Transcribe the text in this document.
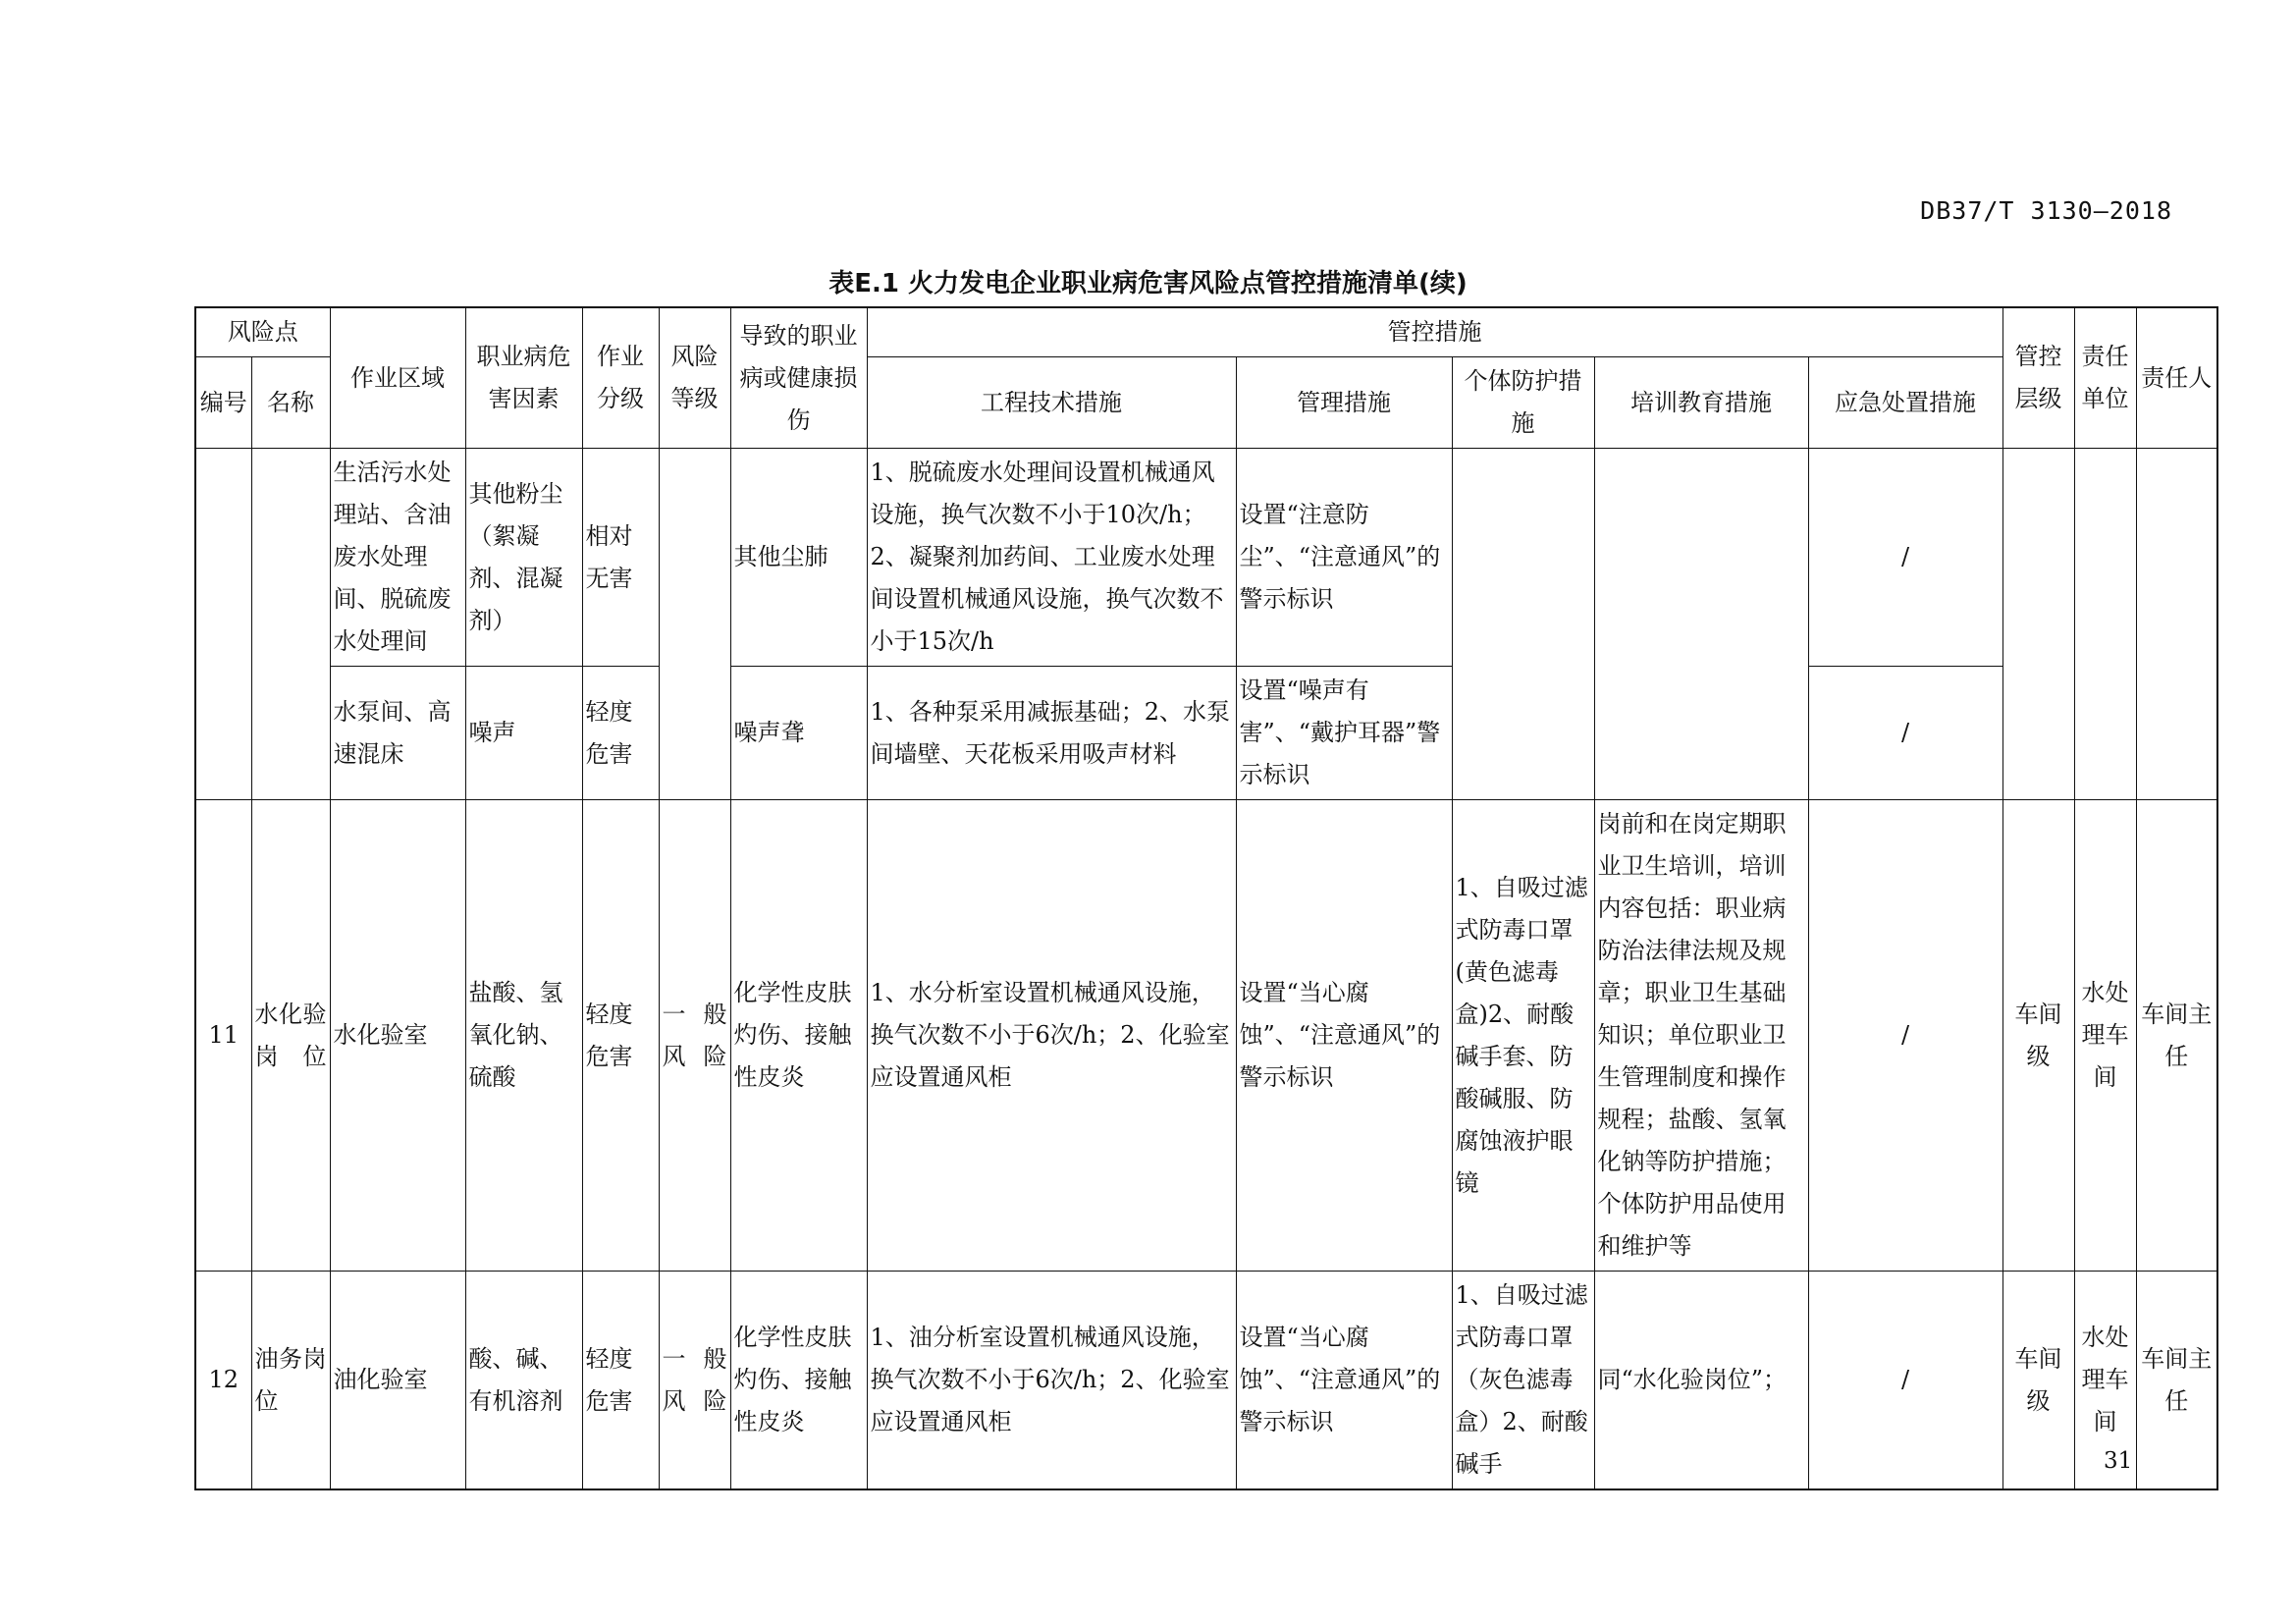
DB37/T 3130—2018
表E.1 火力发电企业职业病危害风险点管控措施清单(续)
风险点		作业区域	职业病危害因素	作业分级	风险等级	导致的职业病或健康损伤	管控措施					管控层级	责任单位	责任人
编号	名称						工程技术措施	管理措施	个体防护措施	培训教育措施	应急处置措施			
		生活污水处理站、含油废水处理间、脱硫废水处理间	其他粉尘（絮凝剂、混凝剂）	相对无害		其他尘肺	1、脱硫废水处理间设置机械通风设施，换气次数不小于10次/h；2、凝聚剂加药间、工业废水处理间设置机械通风设施，换气次数不小于15次/h	设置“注意防尘”、“注意通风”的警示标识			/			
		水泵间、高速混床	噪声	轻度危害		噪声聋	1、各种泵采用减振基础；2、水泵间墙壁、天花板采用吸声材料	设置“噪声有害”、“戴护耳器”警示标识			/			
11	水化验岗位	水化验室	盐酸、氢氧化钠、硫酸	轻度危害	一般风险	化学性皮肤灼伤、接触性皮炎	1、水分析室设置机械通风设施，换气次数不小于6次/h；2、化验室应设置通风柜	设置“当心腐蚀”、“注意通风”的警示标识	1、自吸过滤式防毒口罩(黄色滤毒盒)2、耐酸碱手套、防酸碱服、防腐蚀液护眼镜	岗前和在岗定期职业卫生培训，培训内容包括：职业病防治法律法规及规章；职业卫生基础知识；单位职业卫生管理制度和操作规程；盐酸、氢氧化钠等防护措施；个体防护用品使用和维护等	/	车间级	水处理车间	车间主任
12	油务岗位	油化验室	酸、碱、有机溶剂	轻度危害	一般风险	化学性皮肤灼伤、接触性皮炎	1、油分析室设置机械通风设施，换气次数不小于6次/h；2、化验室应设置通风柜	设置“当心腐蚀”、“注意通风”的警示标识	1、自吸过滤式防毒口罩（灰色滤毒盒）2、耐酸碱手	同“水化验岗位”；	/	车间级	水处理车间	车间主任
31
